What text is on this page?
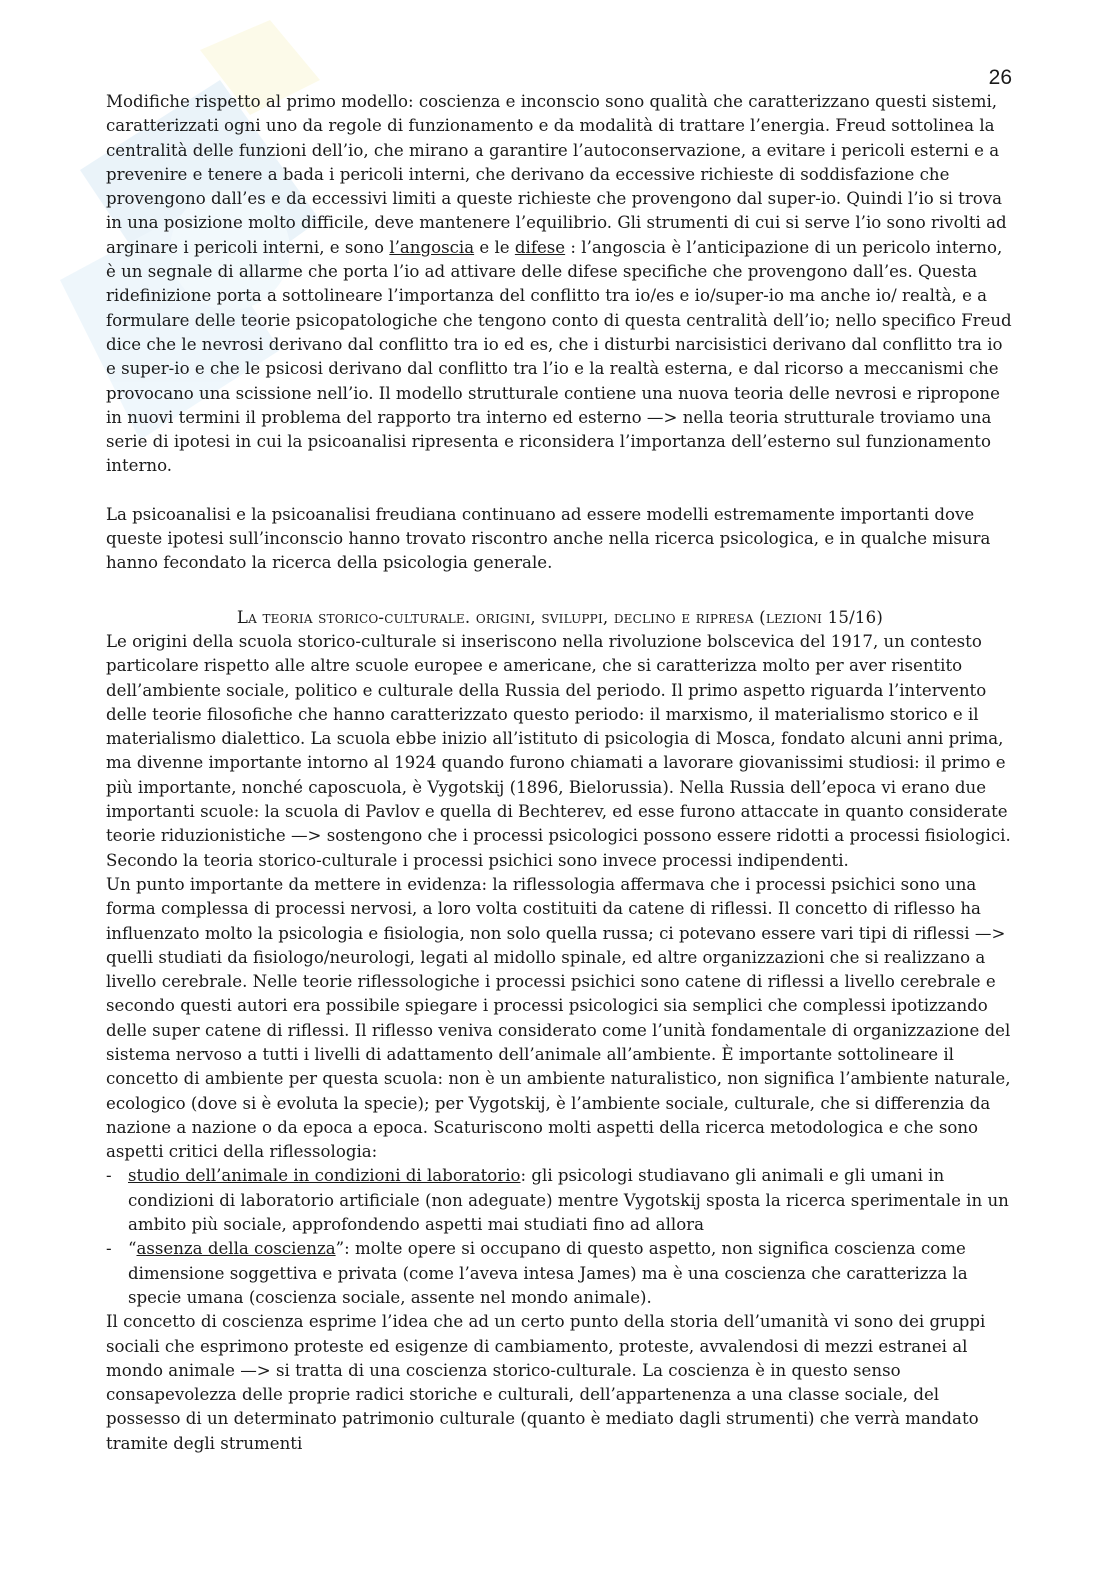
26

Modifiche rispetto al primo modello: coscienza e inconscio sono qualità che caratterizzano questi sistemi, caratterizzati ogni uno da regole di funzionamento e da modalità di trattare l’energia. Freud sottolinea la centralità delle funzioni dell’io, che mirano a garantire l’autoconservazione, a evitare i pericoli esterni e a prevenire e tenere a bada i pericoli interni, che derivano da eccessive richieste di soddisfazione che provengono dall’es e da eccessivi limiti a queste richieste che provengono dal super-io. Quindi l’io si trova in una posizione molto difficile, deve mantenere l’equilibrio. Gli strumenti di cui si serve l’io sono rivolti ad arginare i pericoli interni, e sono l’angoscia e le difese : l’angoscia è l’anticipazione di un pericolo interno, è un segnale di allarme che porta l’io ad attivare delle difese specifiche che provengono dall’es. Questa ridefinizione porta a sottolineare l’importanza del conflitto tra io/es e io/super-io ma anche io/ realtà, e a formulare delle teorie psicopatologiche che tengono conto di questa centralità dell’io; nello specifico Freud dice che le nevrosi derivano dal conflitto tra io ed es, che i disturbi narcisistici derivano dal conflitto tra io e super-io e che le psicosi derivano dal conflitto tra l’io e la realtà esterna, e dal ricorso a meccanismi che provocano una scissione nell’io. Il modello strutturale contiene una nuova teoria delle nevrosi e ripropone in nuovi termini il problema del rapporto tra interno ed esterno —> nella teoria strutturale troviamo una serie di ipotesi in cui la psicoanalisi ripresenta e riconsidera l’importanza dell’esterno sul funzionamento interno.

La psicoanalisi e la psicoanalisi freudiana continuano ad essere modelli estremamente importanti dove queste ipotesi sull’inconscio hanno trovato riscontro anche nella ricerca psicologica, e in qualche misura hanno fecondato la ricerca della psicologia generale.

La teoria storico-culturale. origini, sviluppi, declino e ripresa (lezioni 15/16)

Le origini della scuola storico-culturale si inseriscono nella rivoluzione bolscevica del 1917, un contesto particolare rispetto alle altre scuole europee e americane, che si caratterizza molto per aver risentito dell’ambiente sociale, politico e culturale della Russia del periodo. Il primo aspetto riguarda l’intervento delle teorie filosofiche che hanno caratterizzato questo periodo: il marxismo, il materialismo storico e il materialismo dialettico. La scuola ebbe inizio all’istituto di psicologia di Mosca, fondato alcuni anni prima, ma divenne importante intorno al 1924 quando furono chiamati a lavorare giovanissimi studiosi: il primo e più importante, nonché caposcuola, è Vygotskij (1896, Bielorussia). Nella Russia dell’epoca vi erano due importanti scuole: la scuola di Pavlov e quella di Bechterev, ed esse furono attaccate in quanto considerate teorie riduzionistiche —> sostengono che i processi psicologici possono essere ridotti a processi fisiologici. Secondo la teoria storico-culturale i processi psichici sono invece processi indipendenti.

Un punto importante da mettere in evidenza: la riflessologia affermava che i processi psichici sono una forma complessa di processi nervosi, a loro volta costituiti da catene di riflessi. Il concetto di riflesso ha influenzato molto la psicologia e fisiologia, non solo quella russa; ci potevano essere vari tipi di riflessi —> quelli studiati da fisiologo/neurologi, legati al midollo spinale, ed altre organizzazioni che si realizzano a livello cerebrale. Nelle teorie riflessologiche i processi psichici sono catene di riflessi a livello cerebrale e secondo questi autori era possibile spiegare i processi psicologici sia semplici che complessi ipotizzando delle super catene di riflessi. Il riflesso veniva considerato come l’unità fondamentale di organizzazione del sistema nervoso a tutti i livelli di adattamento dell’animale all’ambiente. È importante sottolineare il concetto di ambiente per questa scuola: non è un ambiente naturalistico, non significa l’ambiente naturale, ecologico (dove si è evoluta la specie); per Vygotskij, è l’ambiente sociale, culturale, che si differenzia da nazione a nazione o da epoca a epoca. Scaturiscono molti aspetti della ricerca metodologica e che sono aspetti critici della riflessologia:

- studio dell’animale in condizioni di laboratorio: gli psicologi studiavano gli animali e gli umani in condizioni di laboratorio artificiale (non adeguate) mentre Vygotskij sposta la ricerca sperimentale in un ambito più sociale, approfondendo aspetti mai studiati fino ad allora
- “assenza della coscienza”: molte opere si occupano di questo aspetto, non significa coscienza come dimensione soggettiva e privata (come l’aveva intesa James) ma è una coscienza che caratterizza la specie umana (coscienza sociale, assente nel mondo animale).

Il concetto di coscienza esprime l’idea che ad un certo punto della storia dell’umanità vi sono dei gruppi sociali che esprimono proteste ed esigenze di cambiamento, proteste, avvalendosi di mezzi estranei al mondo animale —> si tratta di una coscienza storico-culturale. La coscienza è in questo senso consapevolezza delle proprie radici storiche e culturali, dell’appartenenza a una classe sociale, del possesso di un determinato patrimonio culturale (quanto è mediato dagli strumenti) che verrà mandato tramite degli strumenti
